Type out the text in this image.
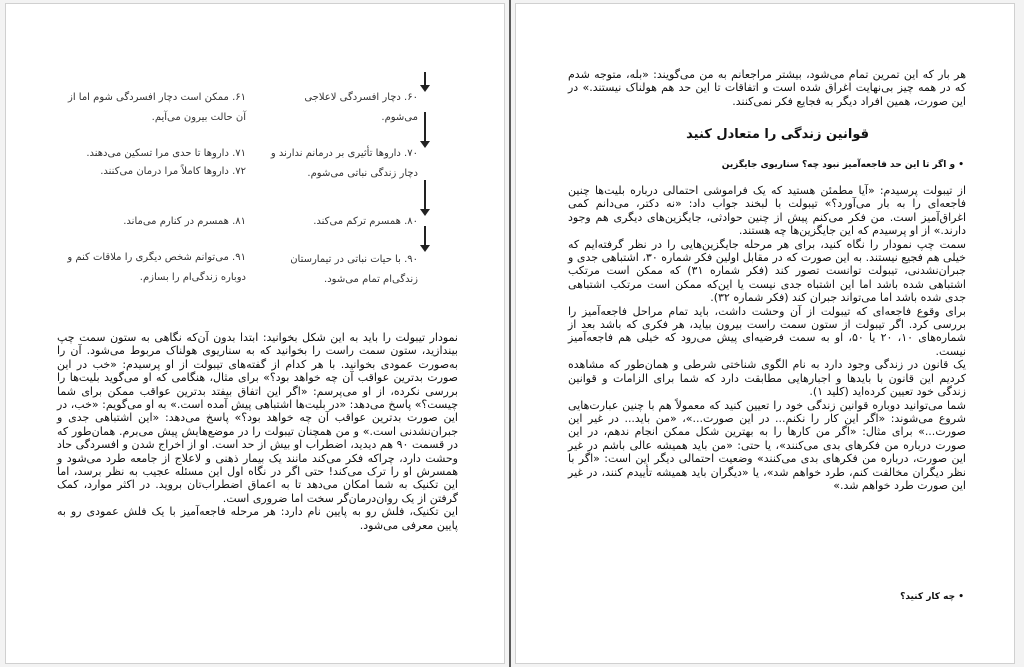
۶۰. دچار افسردگی لاعلاجی می‌شوم.
۶۱. ممکن است دچار افسردگی شوم اما از آن حالت بیرون می‌آیم.
۷۰. داروها تأثیری بر درمانم ندارند و دچار زندگی نباتی می‌شوم.
۷۱. داروها تا حدی مرا تسکین می‌دهند.
۷۲. داروها کاملاً مرا درمان می‌کنند.
۸۰. همسرم ترکم می‌کند.
۸۱. همسرم در کنارم می‌ماند.
۹۰. با حیات نباتی در تیمارستان زندگی‌ام تمام می‌شود.
۹۱. می‌توانم شخص دیگری را ملاقات کنم و دوباره زندگی‌ام را بسازم.

نمودار تیبولت را باید به این شکل بخوانید: ابتدا بدون آن‌که نگاهی به ستون سمت چپ بیندازید، ستون سمت راست را بخوانید که به سناریوی هولناک مربوط می‌شود. آن را به‌صورت عمودی بخوانید. با هر کدام از گفته‌های تیبولت از او پرسیدم: «خب در این صورت بدترین عواقب آن چه خواهد بود؟» برای مثال، هنگامی که او می‌گوید بلیت‌ها را بررسی نکرده، از او می‌پرسم: «اگر این اتفاق بیفتد بدترین عواقب ممکن برای شما چیست؟» پاسخ می‌دهد: «در بلیت‌ها اشتباهی پیش آمده است.» به او می‌گویم: «خب، در این صورت بدترین عواقب آن چه خواهد بود؟» پاسخ می‌دهد: «این اشتباهی جدی و جبران‌نشدنی است.» و من همچنان تیبولت را در موضع‌هایش پیش می‌برم. همان‌طور که در قسمت ۹۰ هم دیدید، اضطراب او بیش از حد است. او از اخراج شدن و افسردگی حاد وحشت دارد، چراکه فکر می‌کند مانند یک بیمار ذهنی و لاعلاج از جامعه طرد می‌شود و همسرش او را ترک می‌کند! حتی اگر در نگاه اول این مسئله عجیب به نظر برسد، اما این تکنیک به شما امکان می‌دهد تا به اعماق اضطراب‌تان بروید. در اکثر موارد، کمک گرفتن از یک روان‌درمان‌گر سخت اما ضروری است.

این تکنیک، فلش رو به پایین نام دارد: هر مرحله فاجعه‌آمیز با یک فلش عمودی رو به پایین معرفی می‌شود.

هر بار که این تمرین تمام می‌شود، بیشتر مراجعانم به من می‌گویند: «بله، متوجه شدم که در همه چیز بی‌نهایت اغراق شده است و اتفاقات تا این حد هم هولناک نیستند.» در این صورت، همین افراد دیگر به فجایع فکر نمی‌کنند.
قوانین زندگی را متعادل کنید
• و اگر تا این حد فاجعه‌آمیز نبود چه؟ سناریوی جایگزین

از تیبولت پرسیدم: «آیا مطمئن هستید که یک فراموشی احتمالی درباره بلیت‌ها چنین فاجعه‌ای را به بار می‌آورد؟» تیبولت با لبخند جواب داد: «نه دکتر، می‌دانم کمی اغراق‌آمیز است. من فکر می‌کنم پیش از چنین حوادثی، جایگزین‌های دیگری هم وجود دارند.» از او پرسیدم که این جایگزین‌ها چه هستند.

سمت چپ نمودار را نگاه کنید، برای هر مرحله جایگزین‌هایی را در نظر گرفته‌ایم که خیلی هم فجیع نیستند. به این صورت که در مقابل اولین فکر شماره ۳۰، اشتباهی جدی و جبران‌نشدنی، تیبولت توانست تصور کند (فکر شماره ۳۱) که ممکن است مرتکب اشتباهی شده باشد اما این اشتباه جدی نیست یا این‌که ممکن است مرتکب اشتباهی جدی شده باشد اما می‌تواند جبران کند (فکر شماره ۳۲).

برای وقوع فاجعه‌ای که تیبولت از آن وحشت داشت، باید تمام مراحل فاجعه‌آمیز را بررسی کرد. اگر تیبولت از ستون سمت راست بیرون بیاید، هر فکری که باشد بعد از شماره‌های ۱۰، ۲۰ یا ۵۰، او به سمت فرضیه‌ای پیش می‌رود که خیلی هم فاجعه‌آمیز نیست.

یک قانون در زندگی وجود دارد به نام الگوی شناختی شرطی و همان‌طور که مشاهده کردیم این قانون با بایدها و اجبارهایی مطابقت دارد که شما برای الزامات و قوانین زندگی خود تعیین کرده‌اید (کلید ۱).

شما می‌توانید دوباره قوانین زندگی خود را تعیین کنید که معمولاً هم با چنین عبارت‌هایی شروع می‌شوند: «اگر این کار را نکنم... در این صورت...»، «من باید... در غیر این صورت...» برای مثال: «اگر من کارها را به بهترین شکل ممکن انجام ندهم، در این صورت درباره من فکرهای بدی می‌کنند»، یا حتی: «من باید همیشه عالی باشم در غیر این صورت، درباره من فکرهای بدی می‌کنند» وضعیت احتمالی دیگر این است: «اگر با نظر دیگران مخالفت کنم، طرد خواهم شد»، یا «دیگران باید همیشه تأییدم کنند، در غیر این صورت طرد خواهم شد.»

• چه کار کنید؟
